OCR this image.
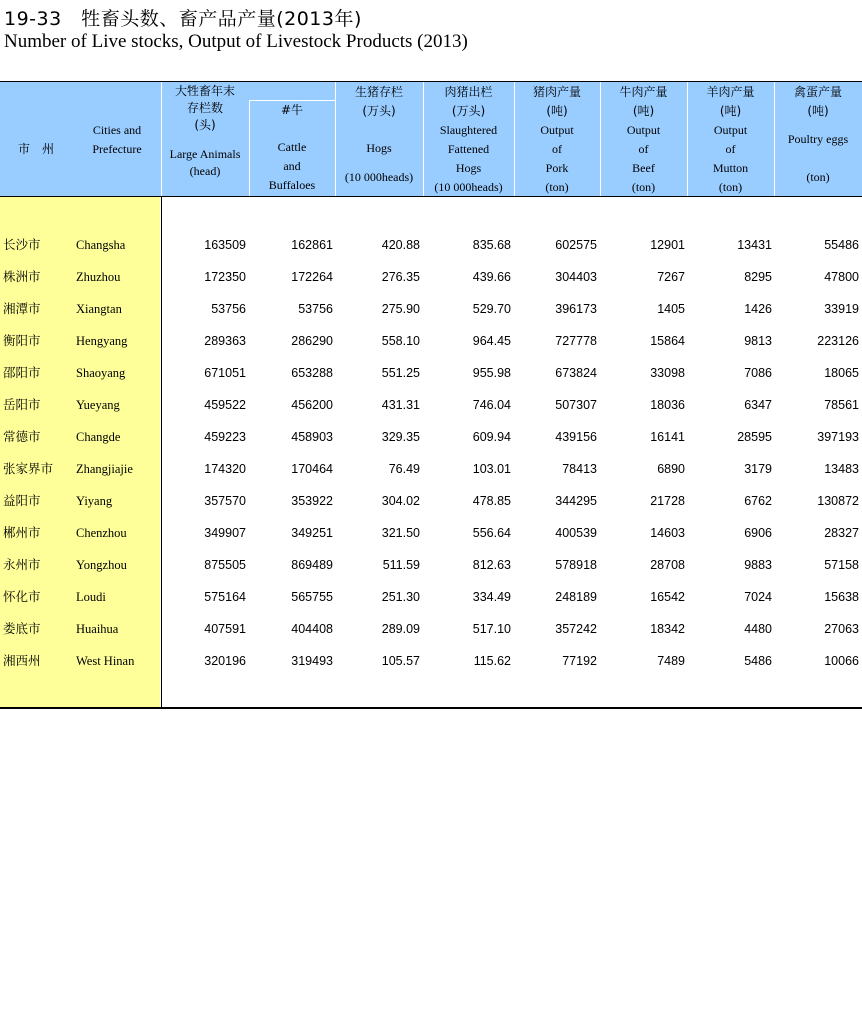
19-33　牲畜头数、畜产品产量(2013年)
Number of Live stocks, Output of Livestock Products (2013)
市　州
Cities and
Prefecture
大牲畜年末
存栏数
(头)
Large Animals
(head)
#牛
Cattle
and
Buffaloes
生猪存栏
(万头)
Hogs
(10 000heads)
肉猪出栏
(万头)
Slaughtered
Fattened
Hogs
(10 000heads)
猪肉产量
(吨)
Output
of
Pork
(ton)
牛肉产量
(吨)
Output
of
Beef
(ton)
羊肉产量
(吨)
Output
of
Mutton
(ton)
禽蛋产量
(吨)
Poultry eggs
(ton)
长沙市	Changsha	163509	162861	420.88	835.68	602575	12901	13431	55486
株洲市	Zhuzhou	172350	172264	276.35	439.66	304403	7267	8295	47800
湘潭市	Xiangtan	53756	53756	275.90	529.70	396173	1405	1426	33919
衡阳市	Hengyang	289363	286290	558.10	964.45	727778	15864	9813	223126
邵阳市	Shaoyang	671051	653288	551.25	955.98	673824	33098	7086	18065
岳阳市	Yueyang	459522	456200	431.31	746.04	507307	18036	6347	78561
常德市	Changde	459223	458903	329.35	609.94	439156	16141	28595	397193
张家界市 Zhangjiajie	174320	170464	76.49	103.01	78413	6890	3179	13483
益阳市	Yiyang	357570	353922	304.02	478.85	344295	21728	6762	130872
郴州市	Chenzhou	349907	349251	321.50	556.64	400539	14603	6906	28327
永州市	Yongzhou	875505	869489	511.59	812.63	578918	28708	9883	57158
怀化市	Loudi	575164	565755	251.30	334.49	248189	16542	7024	15638
娄底市	Huaihua	407591	404408	289.09	517.10	357242	18342	4480	27063
湘西州	West Hinan	320196	319493	105.57	115.62	77192	7489	5486	10066
